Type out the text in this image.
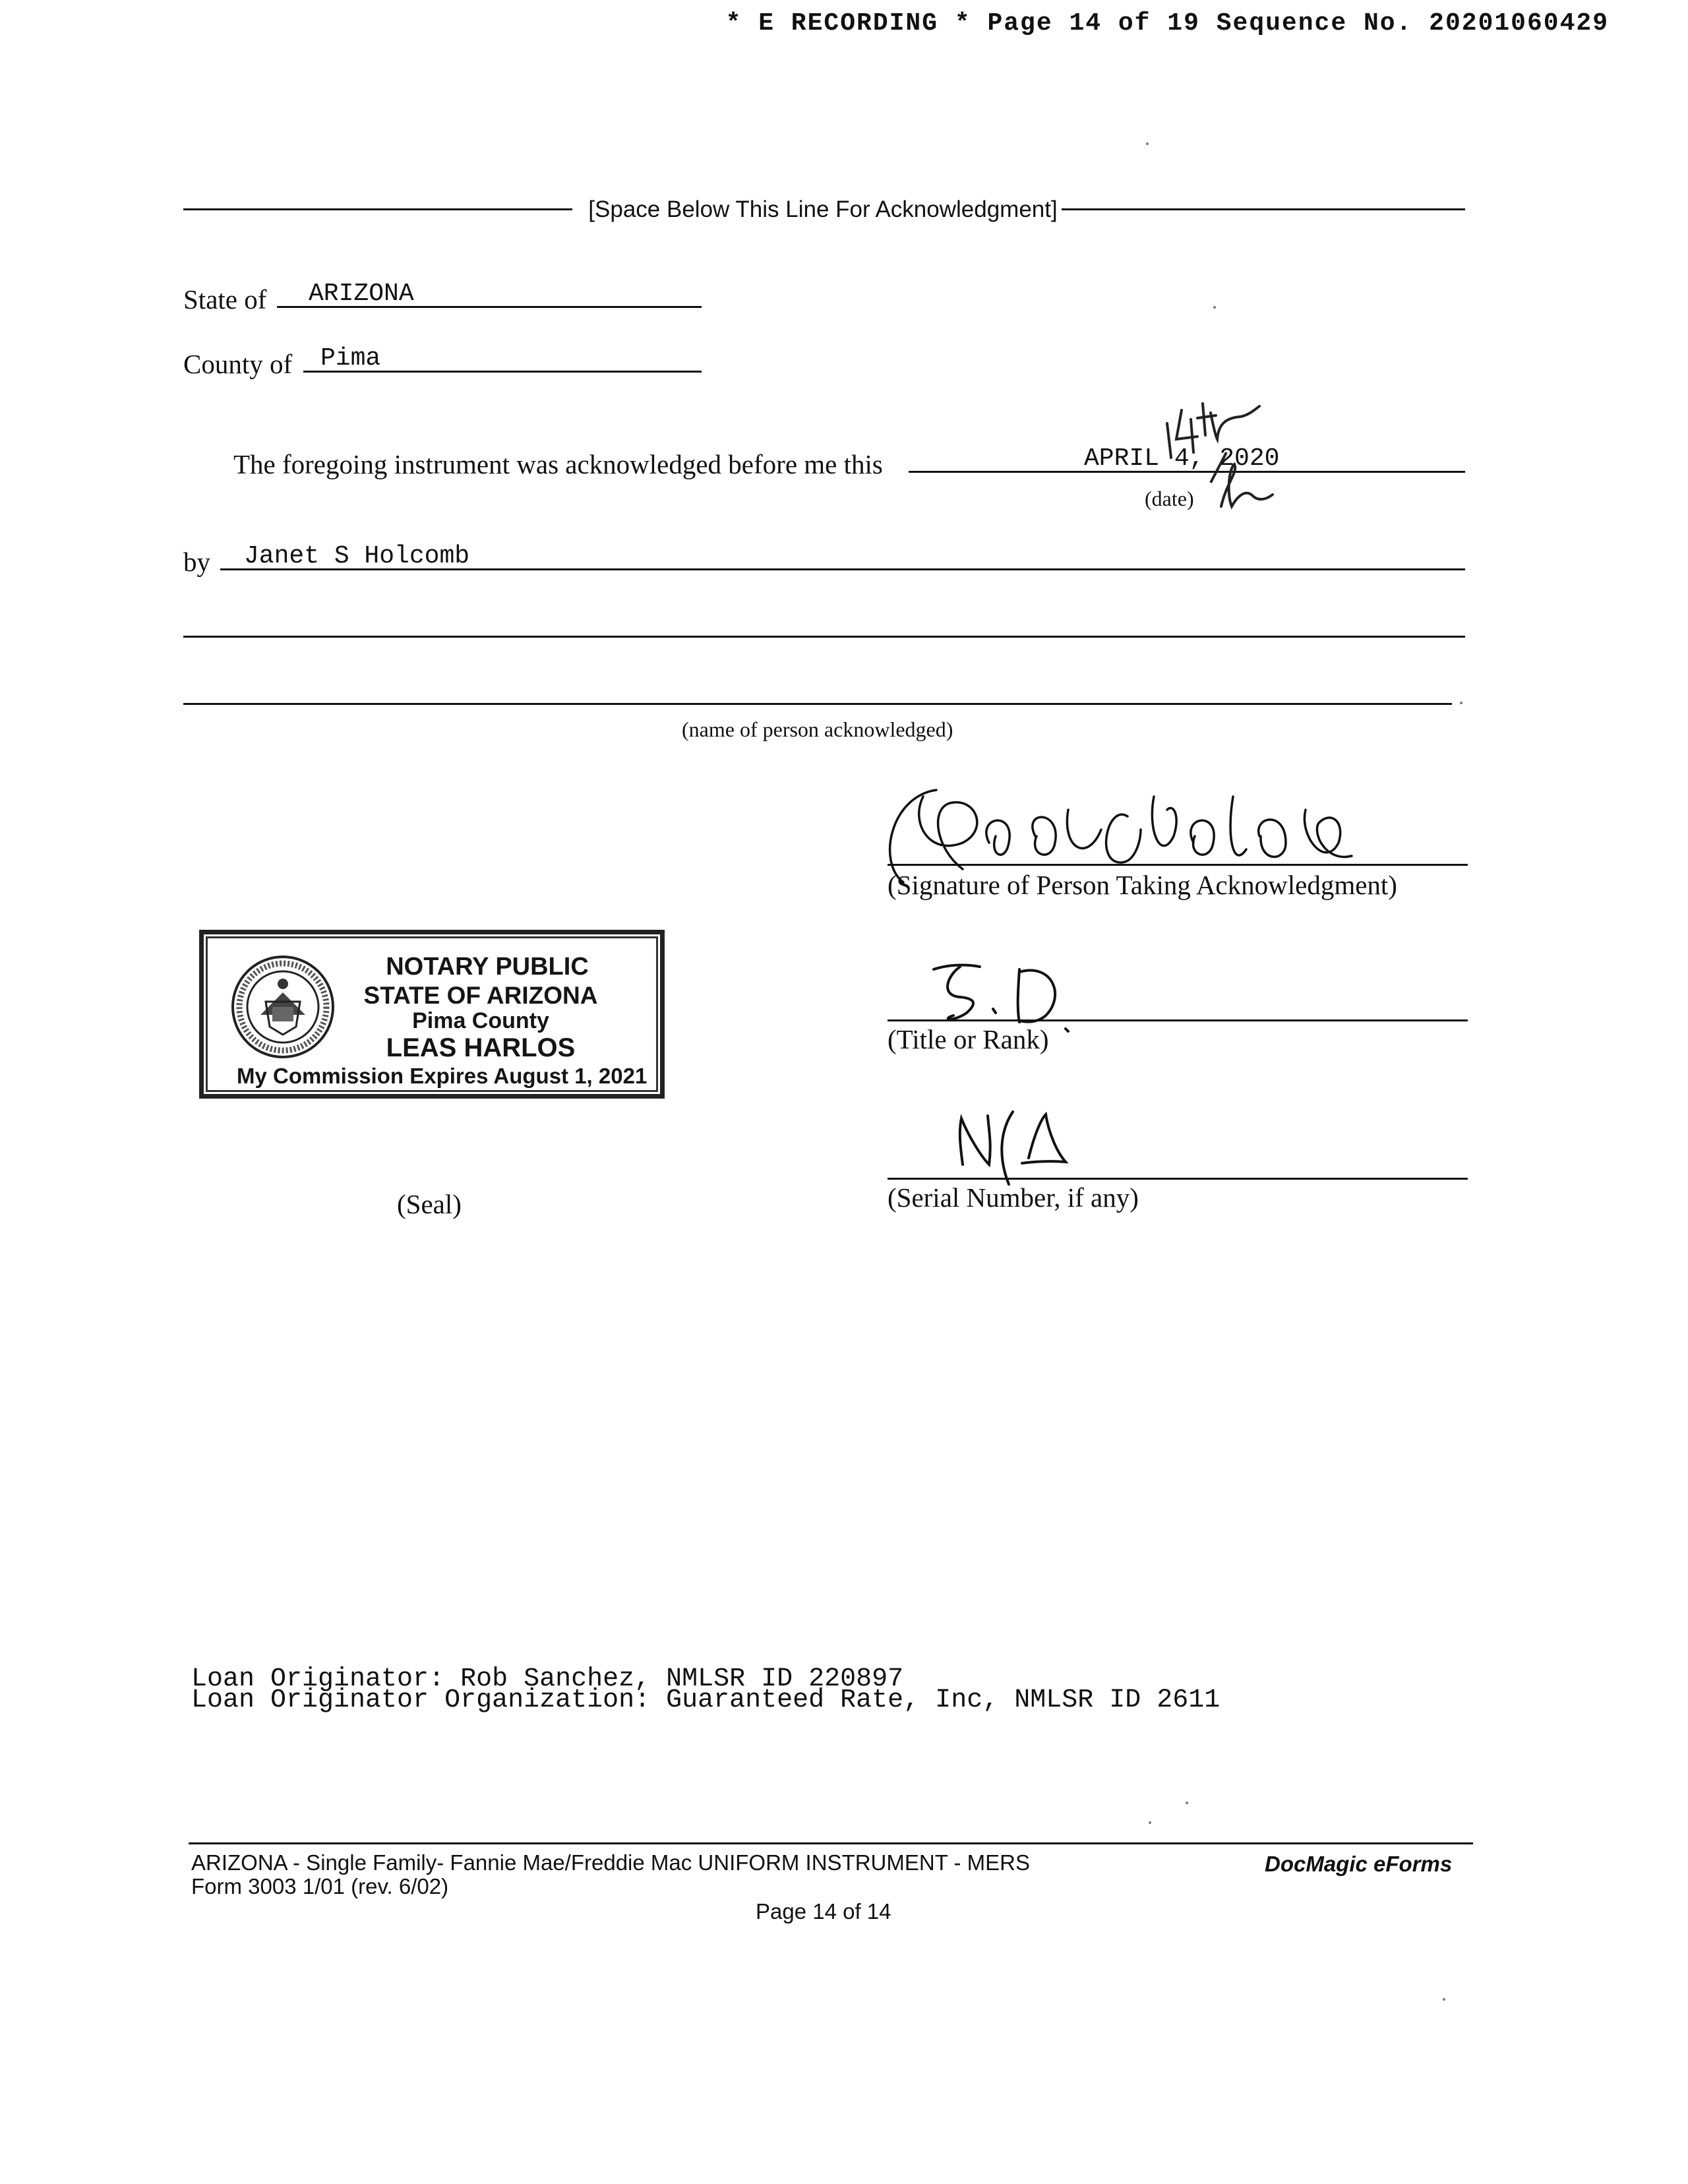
* E RECORDING * Page 14 of 19 Sequence No. 20201060429
[Space Below This Line For Acknowledgment]
State of ARIZONA
County of Pima
The foregoing instrument was acknowledged before me this	APRIL 4, 2020
(date)
by Janet S Holcomb
(name of person acknowledged)
(Signature of Person Taking Acknowledgment)
NOTARY PUBLIC
STATE OF ARIZONA
Pima County
LEAS HARLOS
My Commission Expires August 1, 2021
(Title or Rank)
(Serial Number, if any)
(Seal)
Loan Originator: Rob Sanchez, NMLSR ID 220897
Loan Originator Organization: Guaranteed Rate, Inc, NMLSR ID 2611
ARIZONA - Single Family- Fannie Mae/Freddie Mac UNIFORM INSTRUMENT - MERS
Form 3003 1/01 (rev. 6/02)
DocMagic eForms
Page 14 of 14
